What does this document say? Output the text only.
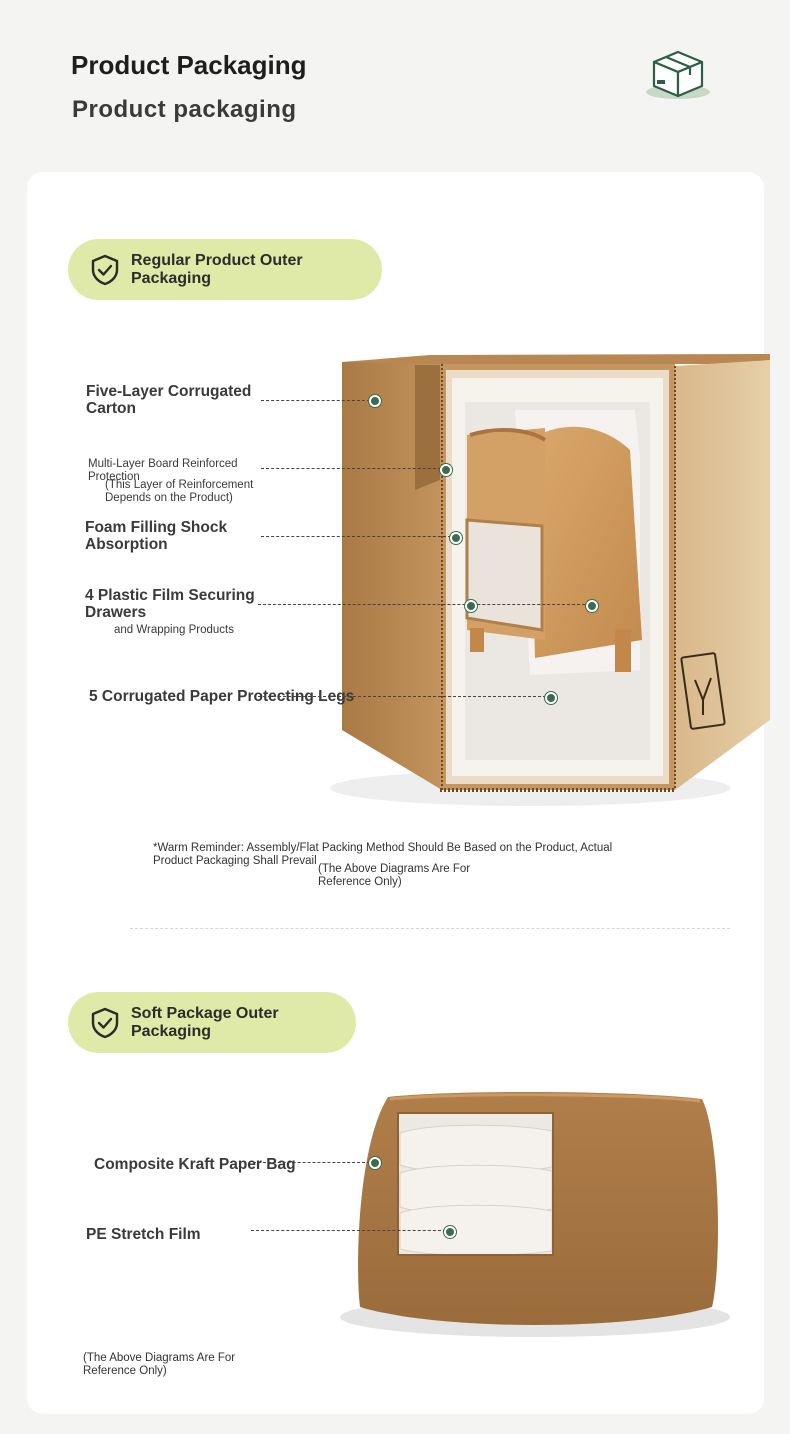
Product Packaging
Product packaging
Regular Product Outer Packaging
Five-Layer Corrugated Carton
Multi-Layer Board Reinforced Protection
(This Layer of Reinforcement Depends on the Product)
Foam Filling Shock Absorption
4 Plastic Film Securing Drawers
and Wrapping Products
5 Corrugated Paper Protecting Legs
*Warm Reminder: Assembly/Flat Packing Method Should Be Based on the Product, Actual Product Packaging Shall Prevail
(The Above Diagrams Are For Reference Only)
Soft Package Outer Packaging
Composite Kraft Paper Bag
PE Stretch Film
(The Above Diagrams Are For Reference Only)
